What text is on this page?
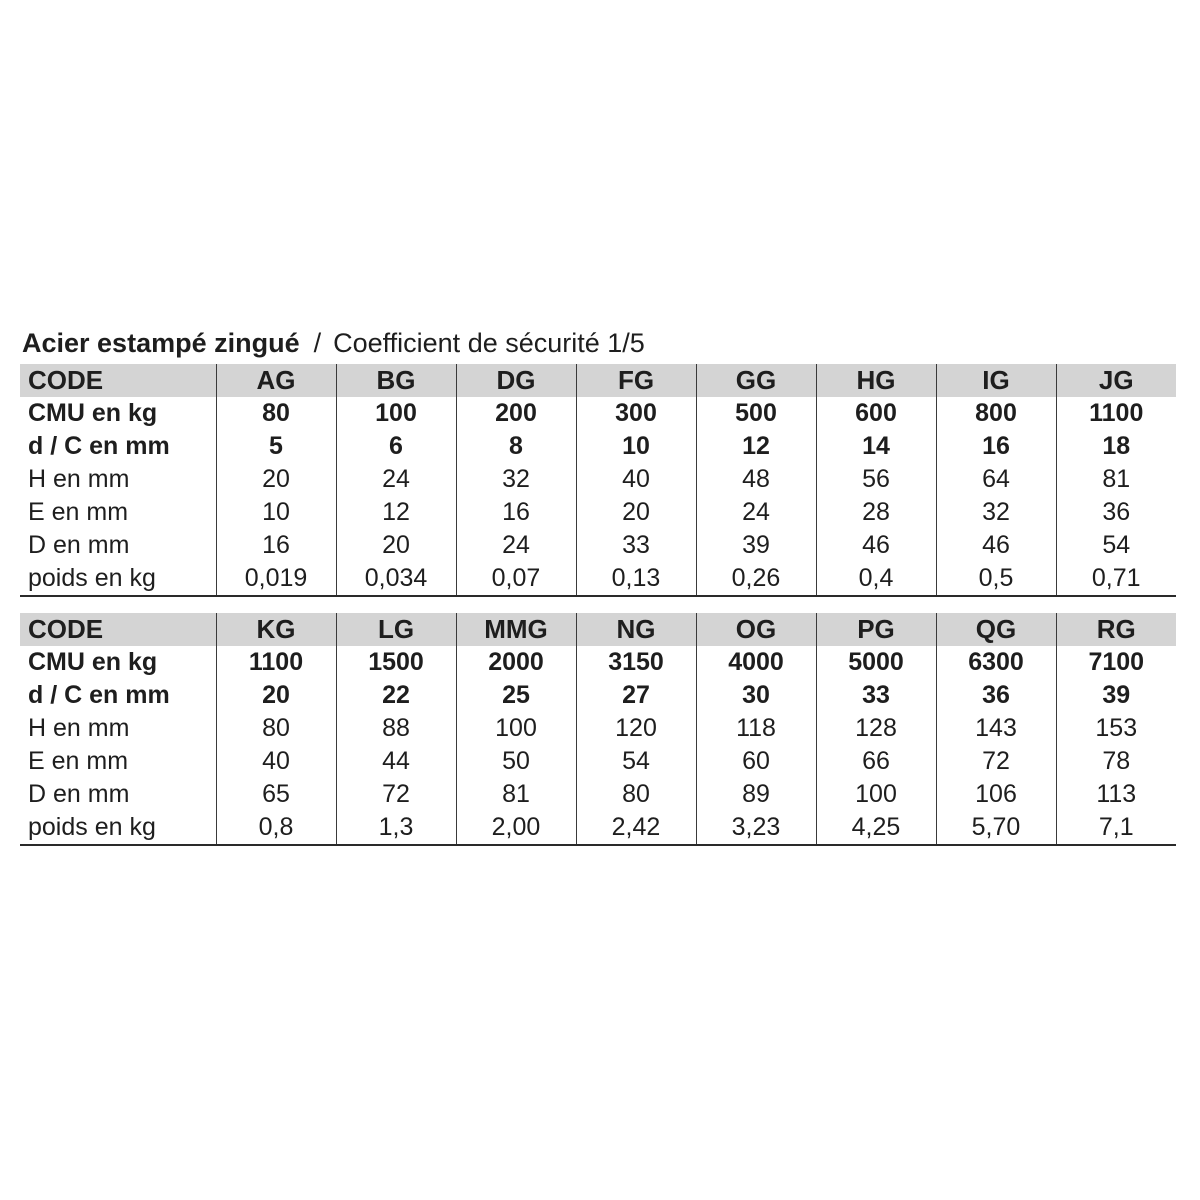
Acier estampé zingué / Coefficient de sécurité 1/5
CODE	AG	BG	DG	FG	GG	HG	IG	JG
CMU en kg	80	100	200	300	500	600	800	1100
d / C en mm	5	6	8	10	12	14	16	18
H en mm	20	24	32	40	48	56	64	81
E en mm	10	12	16	20	24	28	32	36
D en mm	16	20	24	33	39	46	46	54
poids en kg	0,019	0,034	0,07	0,13	0,26	0,4	0,5	0,71
CODE	KG	LG	MMG	NG	OG	PG	QG	RG
CMU en kg	1100	1500	2000	3150	4000	5000	6300	7100
d / C en mm	20	22	25	27	30	33	36	39
H en mm	80	88	100	120	118	128	143	153
E en mm	40	44	50	54	60	66	72	78
D en mm	65	72	81	80	89	100	106	113
poids en kg	0,8	1,3	2,00	2,42	3,23	4,25	5,70	7,1
